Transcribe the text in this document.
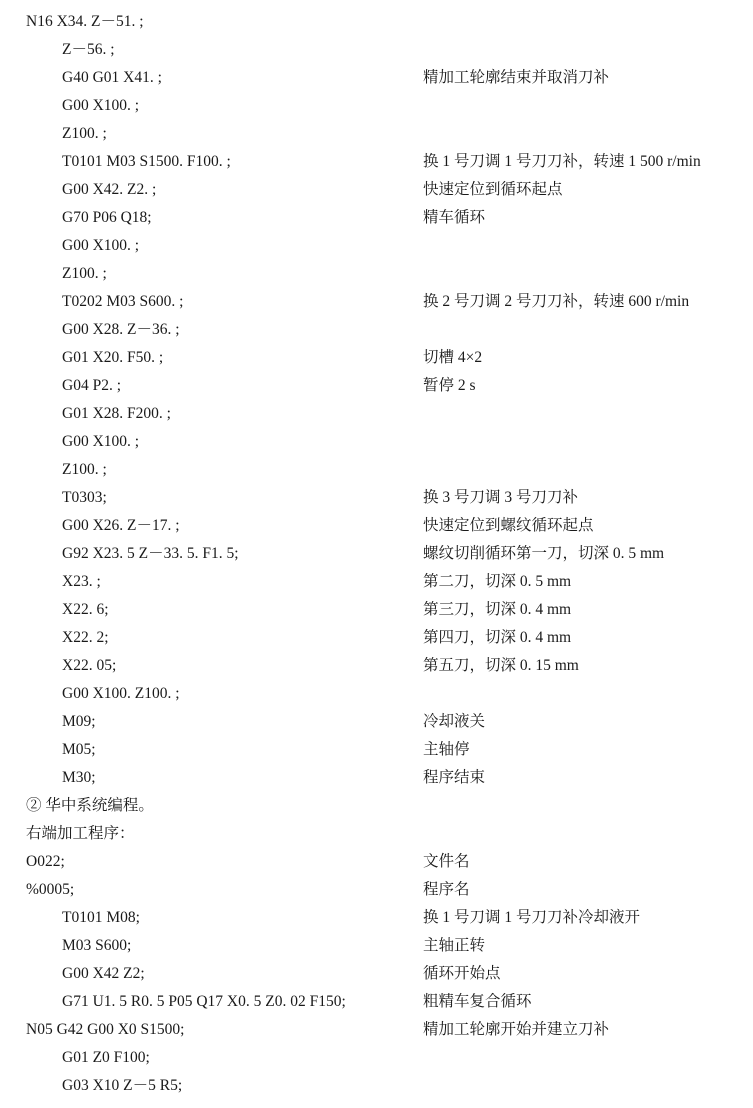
N16 X34. Z－51. ;
Z－56. ;
G40 G01 X41. ;	精加工轮廓结束并取消刀补
G00 X100. ;
Z100. ;
T0101 M03 S1500. F100. ;	换 1 号刀调 1 号刀刀补，转速 1 500 r/min
G00 X42. Z2. ;	快速定位到循环起点
G70 P06 Q18;	精车循环
G00 X100. ;
Z100. ;
T0202 M03 S600. ;	换 2 号刀调 2 号刀刀补，转速 600 r/min
G00 X28. Z－36. ;
G01 X20. F50. ;	切槽 4×2
G04 P2. ;	暂停 2 s
G01 X28. F200. ;
G00 X100. ;
Z100. ;
T0303;	换 3 号刀调 3 号刀刀补
G00 X26. Z－17. ;	快速定位到螺纹循环起点
G92 X23. 5 Z－33. 5. F1. 5;	螺纹切削循环第一刀，切深 0. 5 mm
X23. ;	第二刀，切深 0. 5 mm
X22. 6;	第三刀，切深 0. 4 mm
X22. 2;	第四刀，切深 0. 4 mm
X22. 05;	第五刀，切深 0. 15 mm
G00 X100. Z100. ;
M09;	冷却液关
M05;	主轴停
M30;	程序结束
② 华中系统编程。
右端加工程序：
O022;	文件名
%0005;	程序名
T0101 M08;	换 1 号刀调 1 号刀刀补冷却液开
M03 S600;	主轴正转
G00 X42 Z2;	循环开始点
G71 U1. 5 R0. 5 P05 Q17 X0. 5 Z0. 02 F150;	粗精车复合循环
N05 G42 G00 X0 S1500;	精加工轮廓开始并建立刀补
G01 Z0 F100;
G03 X10 Z－5 R5;
